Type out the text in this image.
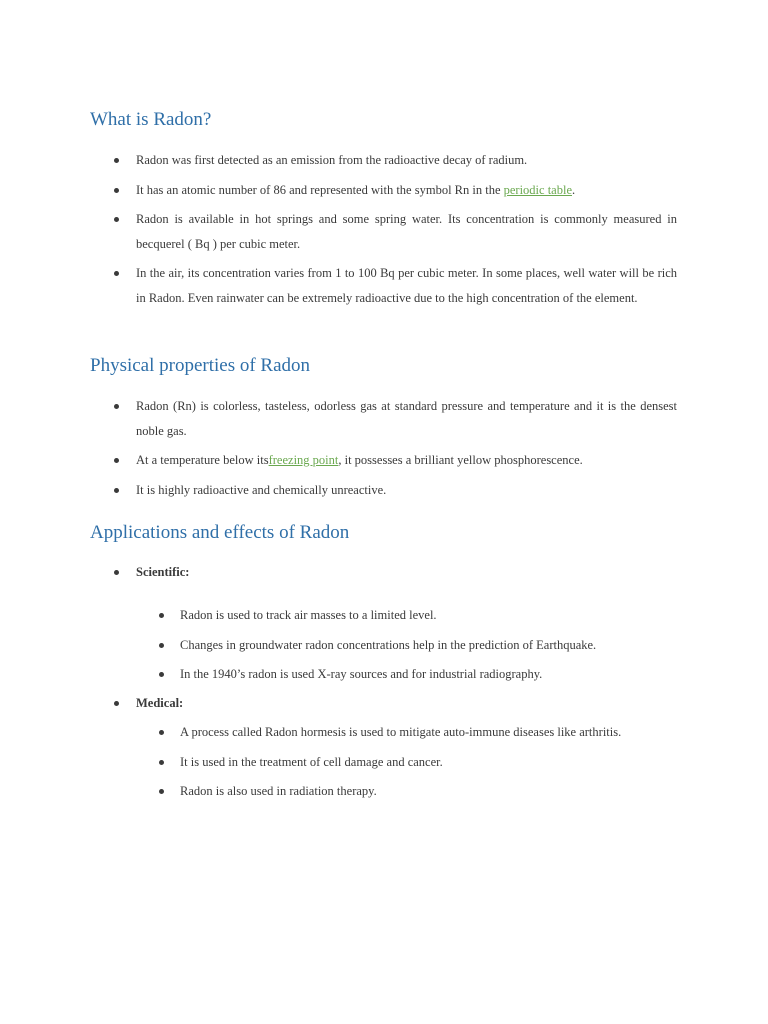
What is Radon?
Radon was first detected as an emission from the radioactive decay of radium.
It has an atomic number of 86 and represented with the symbol Rn in the periodic table.
Radon is available in hot springs and some spring water. Its concentration is commonly measured in becquerel ( Bq ) per cubic meter.
In the air, its concentration varies from 1 to 100 Bq per cubic meter. In some places, well water will be rich in Radon. Even rainwater can be extremely radioactive due to the high concentration of the element.
Physical properties of Radon
Radon (Rn) is colorless, tasteless, odorless gas at standard pressure and temperature and it is the densest noble gas.
At a temperature below itsfreezing point, it possesses a brilliant yellow phosphorescence.
It is highly radioactive and chemically unreactive.
Applications and effects of Radon
Scientific:
Radon is used to track air masses to a limited level.
Changes in groundwater radon concentrations help in the prediction of Earthquake.
In the 1940’s radon is used X-ray sources and for industrial radiography.
Medical:
A process called Radon hormesis is used to mitigate auto-immune diseases like arthritis.
It is used in the treatment of cell damage and cancer.
Radon is also used in radiation therapy.
